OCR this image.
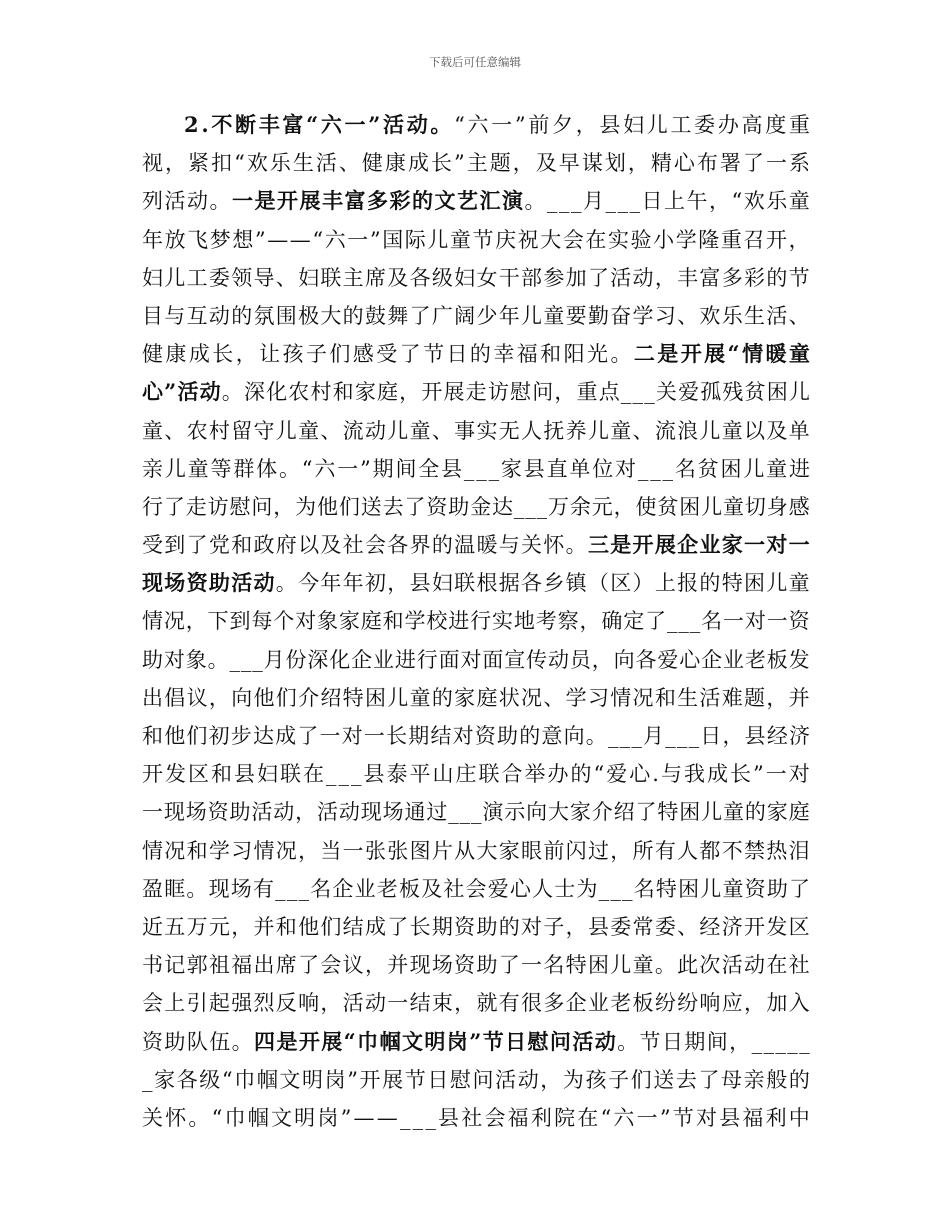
下载后可任意编辑
2 . 不 断 丰 富 “ 六 一 ” 活 动 。 “ 六 一 ” 前 夕 ， 县 妇 儿 工 委 办 高 度 重
视 ， 紧 扣 “ 欢 乐 生 活 、 健 康 成 长 ” 主 题 ， 及 早 谋 划 ， 精 心 布 署 了 一 系
列 活 动 。 一 是 开 展 丰 富 多 彩 的 文 艺 汇 演 。 _ _ _ 月 _ _ _ 日 上 午 ， “ 欢 乐 童
年 放 飞 梦 想 ” — — “ 六 一 ” 国 际 儿 童 节 庆 祝 大 会 在 实 验 小 学 隆 重 召 开 ，
妇 儿 工 委 领 导 、 妇 联 主 席 及 各 级 妇 女 干 部 参 加 了 活 动 ， 丰 富 多 彩 的 节
目 与 互 动 的 氛 围 极 大 的 鼓 舞 了 广 阔 少 年 儿 童 要 勤 奋 学 习 、 欢 乐 生 活 、
健 康 成 长 ， 让 孩 子 们 感 受 了 节 日 的 幸 福 和 阳 光 。 二 是 开 展 “ 情 暖 童
心 ” 活 动 。 深 化 农 村 和 家 庭 ， 开 展 走 访 慰 问 ， 重 点 _ _ _ 关 爱 孤 残 贫 困 儿
童 、 农 村 留 守 儿 童 、 流 动 儿 童 、 事 实 无 人 抚 养 儿 童 、 流 浪 儿 童 以 及 单
亲 儿 童 等 群 体 。 “ 六 一 ” 期 间 全 县 _ _ _ 家 县 直 单 位 对 _ _ _ 名 贫 困 儿 童 进
行 了 走 访 慰 问 ， 为 他 们 送 去 了 资 助 金 达 _ _ _ 万 余 元 ， 使 贫 困 儿 童 切 身 感
受 到 了 党 和 政 府 以 及 社 会 各 界 的 温 暖 与 关 怀 。 三 是 开 展 企 业 家 一 对 一
现 场 资 助 活 动 。 今 年 年 初 ， 县 妇 联 根 据 各 乡 镇 （ 区 ） 上 报 的 特 困 儿 童
情 况 ， 下 到 每 个 对 象 家 庭 和 学 校 进 行 实 地 考 察 ， 确 定 了 _ _ _ 名 一 对 一 资
助 对 象 。 _ _ _ 月 份 深 化 企 业 进 行 面 对 面 宣 传 动 员 ， 向 各 爱 心 企 业 老 板 发
出 倡 议 ， 向 他 们 介 绍 特 困 儿 童 的 家 庭 状 况 、 学 习 情 况 和 生 活 难 题 ， 并
和 他 们 初 步 达 成 了 一 对 一 长 期 结 对 资 助 的 意 向 。 _ _ _ 月 _ _ _ 日 ， 县 经 济
开 发 区 和 县 妇 联 在 _ _ _ 县 泰 平 山 庄 联 合 举 办 的 “ 爱 心 . 与 我 成 长 ” 一 对
一 现 场 资 助 活 动 ， 活 动 现 场 通 过 _ _ _ 演 示 向 大 家 介 绍 了 特 困 儿 童 的 家 庭
情 况 和 学 习 情 况 ， 当 一 张 张 图 片 从 大 家 眼 前 闪 过 ， 所 有 人 都 不 禁 热 泪
盈 眶 。 现 场 有 _ _ _ 名 企 业 老 板 及 社 会 爱 心 人 士 为 _ _ _ 名 特 困 儿 童 资 助 了
近 五 万 元 ， 并 和 他 们 结 成 了 长 期 资 助 的 对 子 ， 县 委 常 委 、 经 济 开 发 区
书 记 郭 祖 福 出 席 了 会 议 ， 并 现 场 资 助 了 一 名 特 困 儿 童 。 此 次 活 动 在 社
会 上 引 起 强 烈 反 响 ， 活 动 一 结 束 ， 就 有 很 多 企 业 老 板 纷 纷 响 应 ， 加 入
资 助 队 伍 。 四 是 开 展 “ 巾 帼 文 明 岗 ” 节 日 慰 问 活 动 。 节 日 期 间 ， _ _ _ _ _
_ 家 各 级 “ 巾 帼 文 明 岗 ” 开 展 节 日 慰 问 活 动 ， 为 孩 子 们 送 去 了 母 亲 般 的
关 怀 。 “ 巾 帼 文 明 岗 ” — — _ _ _ 县 社 会 福 利 院 在 “ 六 一 ” 节 对 县 福 利 中
